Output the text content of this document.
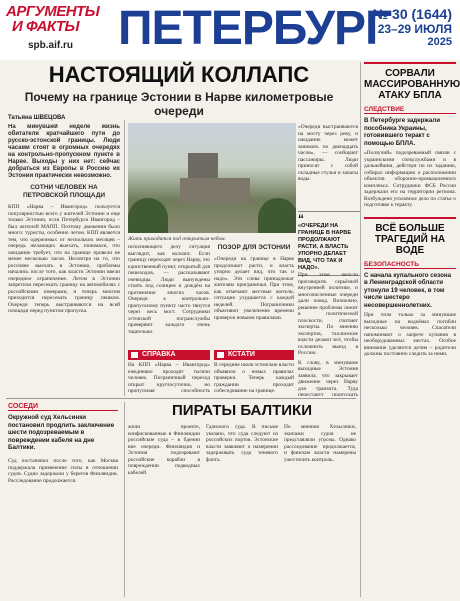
АРГУМЕНТЫ
И ФАКТЫ
spb.aif.ru ПЕТЕРБУРГ
№ 30 (1644)
23–29 ИЮЛЯ
2025
НАСТОЯЩИЙ КОЛЛАПС
Почему на границе Эстонии в Нарве километровые очереди
Татьяна ШВЕЦОВА
На минувшей неделе жизнь обитателя кратчайшего пути до русско-эстонской границы. Люди часами стоят в огромных очередях на контрольно-пропускном пункте в Нарве. Выходы у них нет: сейчас добраться из Европы в Россию их Эстонии практически невозможно.
СОТНИ ЧЕЛОВЕК НА ПЕТРОВСКОЙ ПЛОЩАДИ
КПП «Нарва – Ивангород» пользуется популярностью всего у жителей Эстонии и еще только Эстонии, если Петербурга Ивангород – был жителей МАПП. Поэтому движения было много: туристы, особенно летом. КПП является тем, что одержимых от нескольких месяцев – очередь желающих выехать, понимали, что ожидание требует, что на границе провели не менее несколько часов. Несмотря на то, что россияне выехать в Эстонию, проблемы начались после того, как власти Эстонии ввели очередное ограничение. Летом в Эстонии запретили пересекать границу на автомобилях с российскими номерами, и теперь многим приходится пересекать границу пешком. Очереди теперь выстраиваются на всей площади перед пунктом пропуска.
Жить приходится под открытым небом.
«Очереди выстраиваются на мосту через реку, и ожидание может занимать по двенадцать часов», — сообщают пассажиры. Люди приносят с собой складные стулья и запасы воды.
“
«ОЧЕРЕДИ НА ГРАНИЦЕ В НАРВЕ ПРОДОЛЖАЮТ РАСТИ, А ВЛАСТЬ УПОРНО ДЕЛАЕТ ВИД, ЧТО ТАК И НАДО».
исполняющего делу ситуация выглядит, как коллапс. Если границу переходят через Нарву, это единственный пункт, открытый для пешеходов, — рассказывают очевидцы. Люди вынуждены стоять под солнцем и дождём на протяжении многих часов. Очереди к контрольно-пропускному пункту часто тянутся через весь мост. Сотрудники эстонской погранслужбы проверяют каждого очень тщательно.
ПОЗОР ДЛЯ ЭСТОНИИ
«Очереди на границе в Нарве продолжают расти, и власть упорно делает вид, что так и надо». Эти слова принадлежат жителям приграничья. При этом, как отмечают местные жители, ситуация ухудшается с каждой неделей. Пограничники объясняют увеличение времени проверок новыми правилами.
При этом чего-то проговорить серьёзной внутренней политике, и многочисленные очереди дали повод. Возможно, решение проблемы лежит в политической плоскости, считают эксперты. По мнению экспертов, таллинские власти делают всё, чтобы осложнить выезд в Россию.
К слову, в минувшие выходные Эстония заявила, что закрывает движение через Нарву для транзита. Туда перестанут пропускать
СПРАВКА
На КПП «Нарва – Ивангород» ежедневно проходят тысячи человек. Пограничный переход открыт круглосуточно, но пропускная способность
КСТАТИ
В середине июля эстонские власти объявили о новых правилах проверки. Теперь каждый гражданин проходит собеседование на границе.
СОРВАЛИ МАССИРОВАННУЮ АТАКУ БПЛА
СЛЕДСТВИЕ
В Петербурге задержали пособника Украины, готовившего теракт с помощью БПЛА.
«Ползучий» подозреваемый связан с украинскими спецслужбами и в дальнейшем, действуя по их заданию, собирал информацию о расположении объектов оборонно-промышленного комплекса. Сотрудники ФСБ России задержали его на территории региона. Возбуждено уголовное дело по статье о подготовке к теракту.
ВСЁ БОЛЬШЕ ТРАГЕДИЙ НА ВОДЕ
БЕЗОПАСНОСТЬ
С начала купального сезона в Ленинградской области утонули 19 человек, в том числе шестеро несовершеннолетних.
При этом только за минувшие выходные на водоёмах погибли несколько человек. Спасатели напоминают о запрете купания в необорудованных местах. Особое внимание уделяется детям – родители должны постоянно следить за ними.
СОСЕДИ
Окружной суд Хельсинки постановил продлить заключение шести подозреваемым в повреждении кабеля на дне Балтики.
Суд постановил после того, как Москва поддержала применение силы в отношении судов. Судно задержали у берегов Финляндии. Расследование продолжается.
ПИРАТЫ БАЛТИКИ
жили проекте, конфискованные в Финляндии российские суда – в бдении вне очереди. Финляндия и Эстония подозревают российские корабли в повреждении подводных кабелей.
Гданского суда. В письме указано, что суда следуют из российских портов. Эстонские власти заявляют о намерении задерживать суда теневого флота.
По мнению Хельсинки, экипажи судов не представляли угрозы. Однако расследование продолжается, и финские власти намерены ужесточить контроль.
